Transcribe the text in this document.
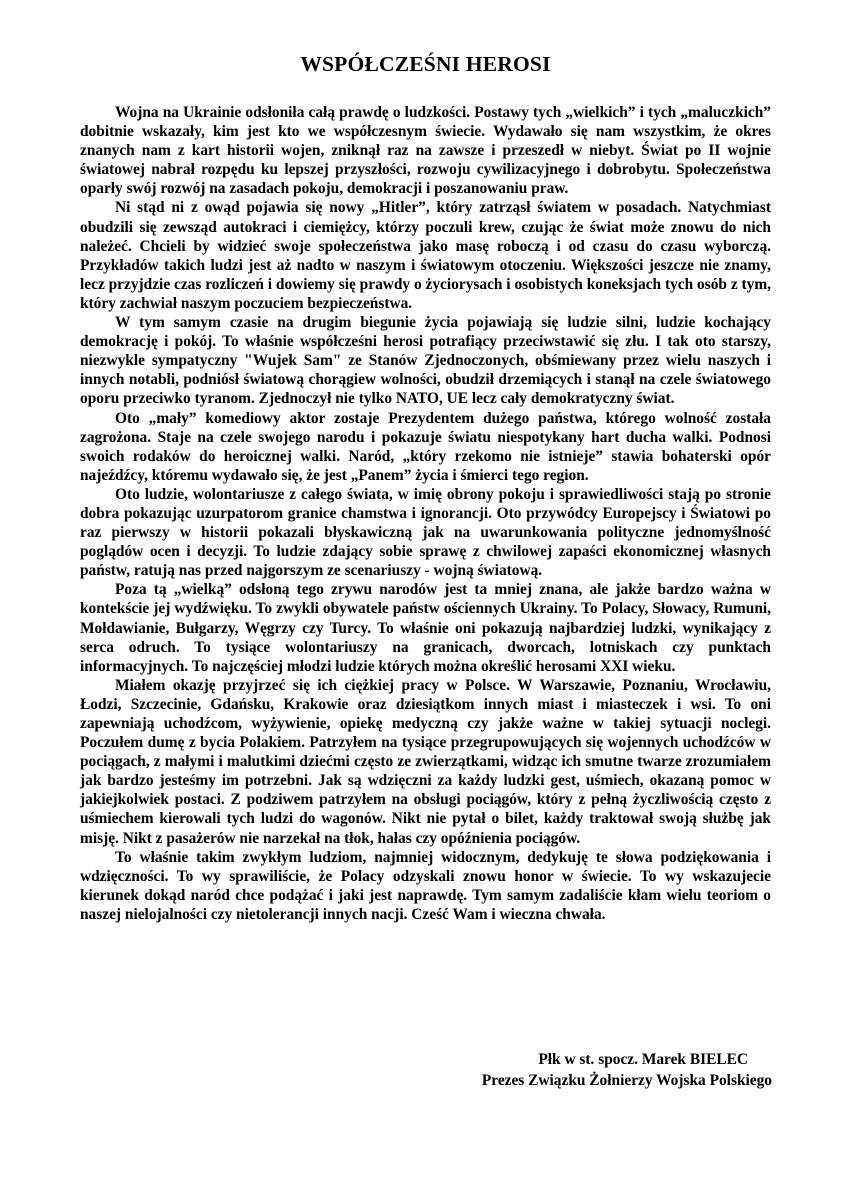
WSPÓŁCZEŚNI HEROSI

Wojna na Ukrainie odsłoniła całą prawdę o ludzkości. Postawy tych „wielkich” i tych „maluczkich” dobitnie wskazały, kim jest kto we współczesnym świecie. Wydawało się nam wszystkim, że okres znanych nam z kart historii wojen, zniknął raz na zawsze i przeszedł w niebyt. Świat po II wojnie światowej nabrał rozpędu ku lepszej przyszłości, rozwoju cywilizacyjnego i dobrobytu. Społeczeństwa oparły swój rozwój na zasadach pokoju, demokracji i poszanowaniu praw.

Ni stąd ni z owąd pojawia się nowy „Hitler”, który zatrząsł światem w posadach. Natychmiast obudzili się zewsząd autokraci i ciemiężcy, którzy poczuli krew, czując że świat może znowu do nich należeć. Chcieli by widzieć swoje społeczeństwa jako masę roboczą i od czasu do czasu wyborczą. Przykładów takich ludzi jest aż nadto w naszym i światowym otoczeniu. Większości jeszcze nie znamy, lecz przyjdzie czas rozliczeń i dowiemy się prawdy o życiorysach i osobistych koneksjach tych osób z tym, który zachwiał naszym poczuciem bezpieczeństwa.

W tym samym czasie na drugim biegunie życia pojawiają się ludzie silni, ludzie kochający demokrację i pokój. To właśnie współcześni herosi potrafiący przeciwstawić się złu. I tak oto starszy, niezwykle sympatyczny "Wujek Sam" ze Stanów Zjednoczonych, obśmiewany przez wielu naszych i innych notabli, podniósł światową chorągiew wolności, obudził drzemiących i stanął na czele światowego oporu przeciwko tyranom. Zjednoczył nie tylko NATO, UE lecz cały demokratyczny świat.

Oto „mały” komediowy aktor zostaje Prezydentem dużego państwa, którego wolność została zagrożona. Staje na czele swojego narodu i pokazuje światu niespotykany hart ducha walki. Podnosi swoich rodaków do heroicznej walki. Naród, „który rzekomo nie istnieje” stawia bohaterski opór najeźdźcy, któremu wydawało się, że jest „Panem” życia i śmierci tego region.

Oto ludzie, wolontariusze z całego świata, w imię obrony pokoju i sprawiedliwości stają po stronie dobra pokazując uzurpatorom granice chamstwa i ignorancji. Oto przywódcy Europejscy i Światowi po raz pierwszy w historii pokazali błyskawiczną jak na uwarunkowania polityczne jednomyślność poglądów ocen i decyzji. To ludzie zdający sobie sprawę z chwilowej zapaści ekonomicznej własnych państw, ratują nas przed najgorszym ze scenariuszy - wojną światową.

Poza tą „wielką” odsłoną tego zrywu narodów jest ta mniej znana, ale jakże bardzo ważna w kontekście jej wydźwięku. To zwykli obywatele państw ościennych Ukrainy. To Polacy, Słowacy, Rumuni, Mołdawianie, Bułgarzy, Węgrzy czy Turcy. To właśnie oni pokazują najbardziej ludzki, wynikający z serca odruch. To tysiące wolontariuszy na granicach, dworcach, lotniskach czy punktach informacyjnych. To najczęściej młodzi ludzie których można określić herosami XXI wieku.

Miałem okazję przyjrzeć się ich ciężkiej pracy w Polsce. W Warszawie, Poznaniu, Wrocławiu, Łodzi, Szczecinie, Gdańsku, Krakowie oraz dziesiątkom innych miast i miasteczek i wsi. To oni zapewniają uchodźcom, wyżywienie, opiekę medyczną czy jakże ważne w takiej sytuacji noclegi. Poczułem dumę z bycia Polakiem. Patrzyłem na tysiące przegrupowujących się wojennych uchodźców w pociągach, z małymi i malutkimi dziećmi często ze zwierzątkami, widząc ich smutne twarze zrozumiałem jak bardzo jesteśmy im potrzebni. Jak są wdzięczni za każdy ludzki gest, uśmiech, okazaną pomoc w jakiejkolwiek postaci. Z podziwem patrzyłem na obsługi pociągów, który z pełną życzliwością często z uśmiechem kierowali tych ludzi do wagonów. Nikt nie pytał o bilet, każdy traktował swoją służbę jak misję. Nikt z pasażerów nie narzekał na tłok, hałas czy opóźnienia pociągów.

To właśnie takim zwykłym ludziom, najmniej widocznym, dedykuję te słowa podziękowania i wdzięczności. To wy sprawiliście, że Polacy odzyskali znowu honor w świecie. To wy wskazujecie kierunek dokąd naród chce podążać i jaki jest naprawdę. Tym samym zadaliście kłam wielu teoriom o naszej nielojalności czy nietolerancji innych nacji. Cześć Wam i wieczna chwała.

Płk w st. spocz. Marek BIELEC
Prezes Związku Żołnierzy Wojska Polskiego
